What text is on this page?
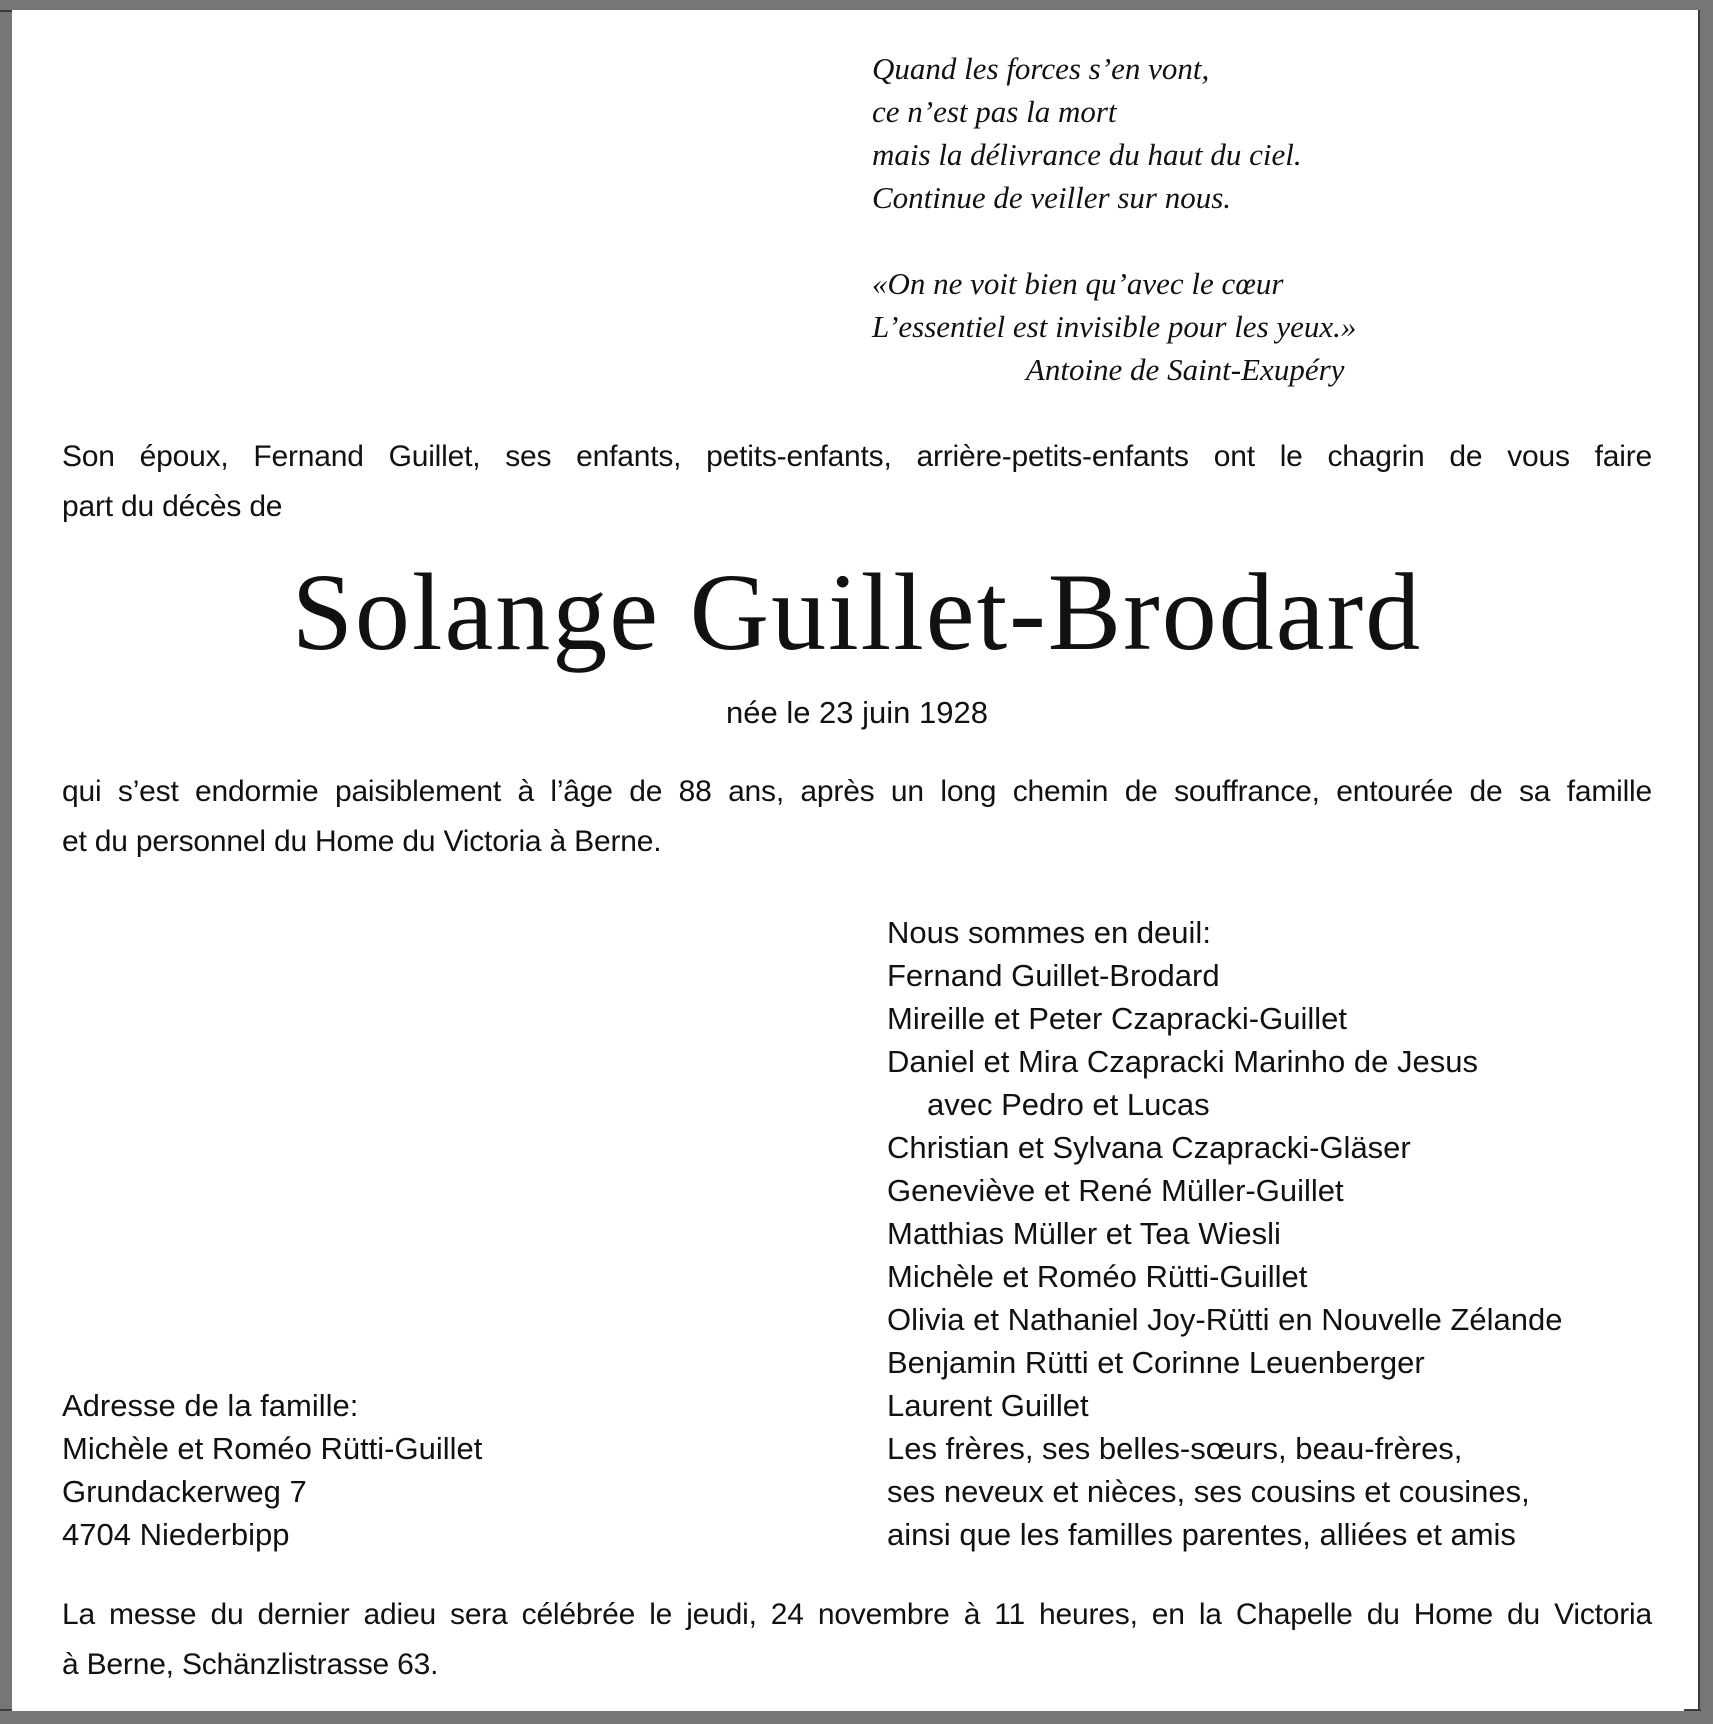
Quand les forces s’en vont,
ce n’est pas la mort
mais la délivrance du haut du ciel.
Continue de veiller sur nous.
«On ne voit bien qu’avec le cœur
L’essentiel est invisible pour les yeux.»
Antoine de Saint-Exupéry
Son époux, Fernand Guillet, ses enfants, petits-enfants, arrière-petits-enfants ont le chagrin de vous faire
part du décès de
Solange Guillet-Brodard
née le 23 juin 1928
qui s’est endormie paisiblement à l’âge de 88 ans, après un long chemin de souffrance, entourée de sa famille
et du personnel du Home du Victoria à Berne.
Nous sommes en deuil:
Fernand Guillet-Brodard
Mireille et Peter Czapracki-Guillet
Daniel et Mira Czapracki Marinho de Jesus
avec Pedro et Lucas
Christian et Sylvana Czapracki-Gläser
Geneviève et René Müller-Guillet
Matthias Müller et Tea Wiesli
Michèle et Roméo Rütti-Guillet
Olivia et Nathaniel Joy-Rütti en Nouvelle Zélande
Benjamin Rütti et Corinne Leuenberger
Laurent Guillet
Les frères, ses belles-sœurs, beau-frères,
ses neveux et nièces, ses cousins et cousines,
ainsi que les familles parentes, alliées et amis
Adresse de la famille:
Michèle et Roméo Rütti-Guillet
Grundackerweg 7
4704 Niederbipp
La messe du dernier adieu sera célébrée le jeudi, 24 novembre à 11 heures, en la Chapelle du Home du Victoria
à Berne, Schänzlistrasse 63.
